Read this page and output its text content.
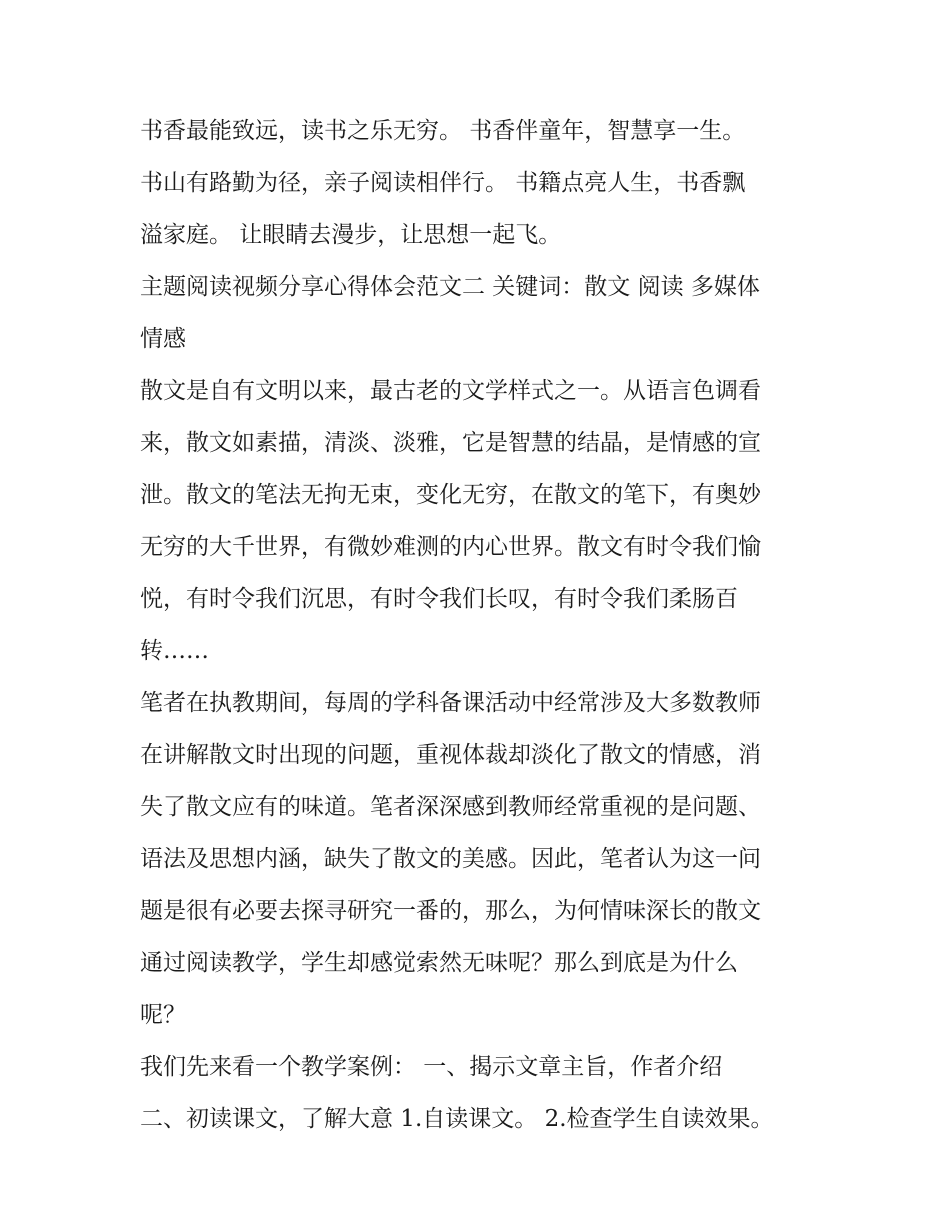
书香最能致远，读书之乐无穷。 书香伴童年，智慧享一生。
书山有路勤为径，亲子阅读相伴行。 书籍点亮人生，书香飘
溢家庭。 让眼睛去漫步，让思想一起飞。
主题阅读视频分享心得体会范文二 关键词：散文 阅读 多媒体
情感
散文是自有文明以来，最古老的文学样式之一。从语言色调看
来，散文如素描，清淡、淡雅，它是智慧的结晶，是情感的宣
泄。散文的笔法无拘无束，变化无穷，在散文的笔下，有奥妙
无穷的大千世界，有微妙难测的内心世界。散文有时令我们愉
悦，有时令我们沉思，有时令我们长叹，有时令我们柔肠百
转……
笔者在执教期间，每周的学科备课活动中经常涉及大多数教师
在讲解散文时出现的问题，重视体裁却淡化了散文的情感，消
失了散文应有的味道。笔者深深感到教师经常重视的是问题、
语法及思想内涵，缺失了散文的美感。因此，笔者认为这一问
题是很有必要去探寻研究一番的，那么，为何情味深长的散文
通过阅读教学，学生却感觉索然无味呢？那么到底是为什么
呢？
我们先来看一个教学案例： 一、揭示文章主旨，作者介绍
二、初读课文，了解大意 1.自读课文。 2.检查学生自读效果。
